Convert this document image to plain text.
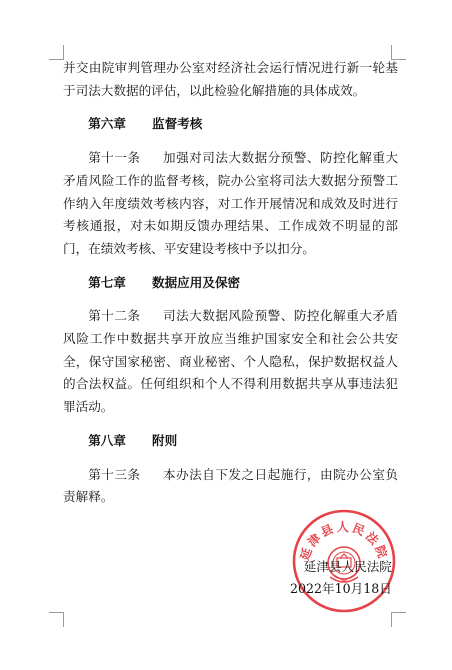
并交由院审判管理办公室对经济社会运行情况进行新一轮基于司法大数据的评估，以此检验化解措施的具体成效。

第六章 监督考核

第十一条 加强对司法大数据分预警、防控化解重大矛盾风险工作的监督考核，院办公室将司法大数据分预警工作纳入年度绩效考核内容，对工作开展情况和成效及时进行考核通报，对未如期反馈办理结果、工作成效不明显的部门，在绩效考核、平安建设考核中予以扣分。

第七章 数据应用及保密

第十二条 司法大数据风险预警、防控化解重大矛盾风险工作中数据共享开放应当维护国家安全和社会公共安全，保守国家秘密、商业秘密、个人隐私，保护数据权益人的合法权益。任何组织和个人不得利用数据共享从事违法犯罪活动。

第八章 附则

第十三条 本办法自下发之日起施行，由院办公室负责解释。

延津县人民法院
延津县人民法院
2022年10月18日
